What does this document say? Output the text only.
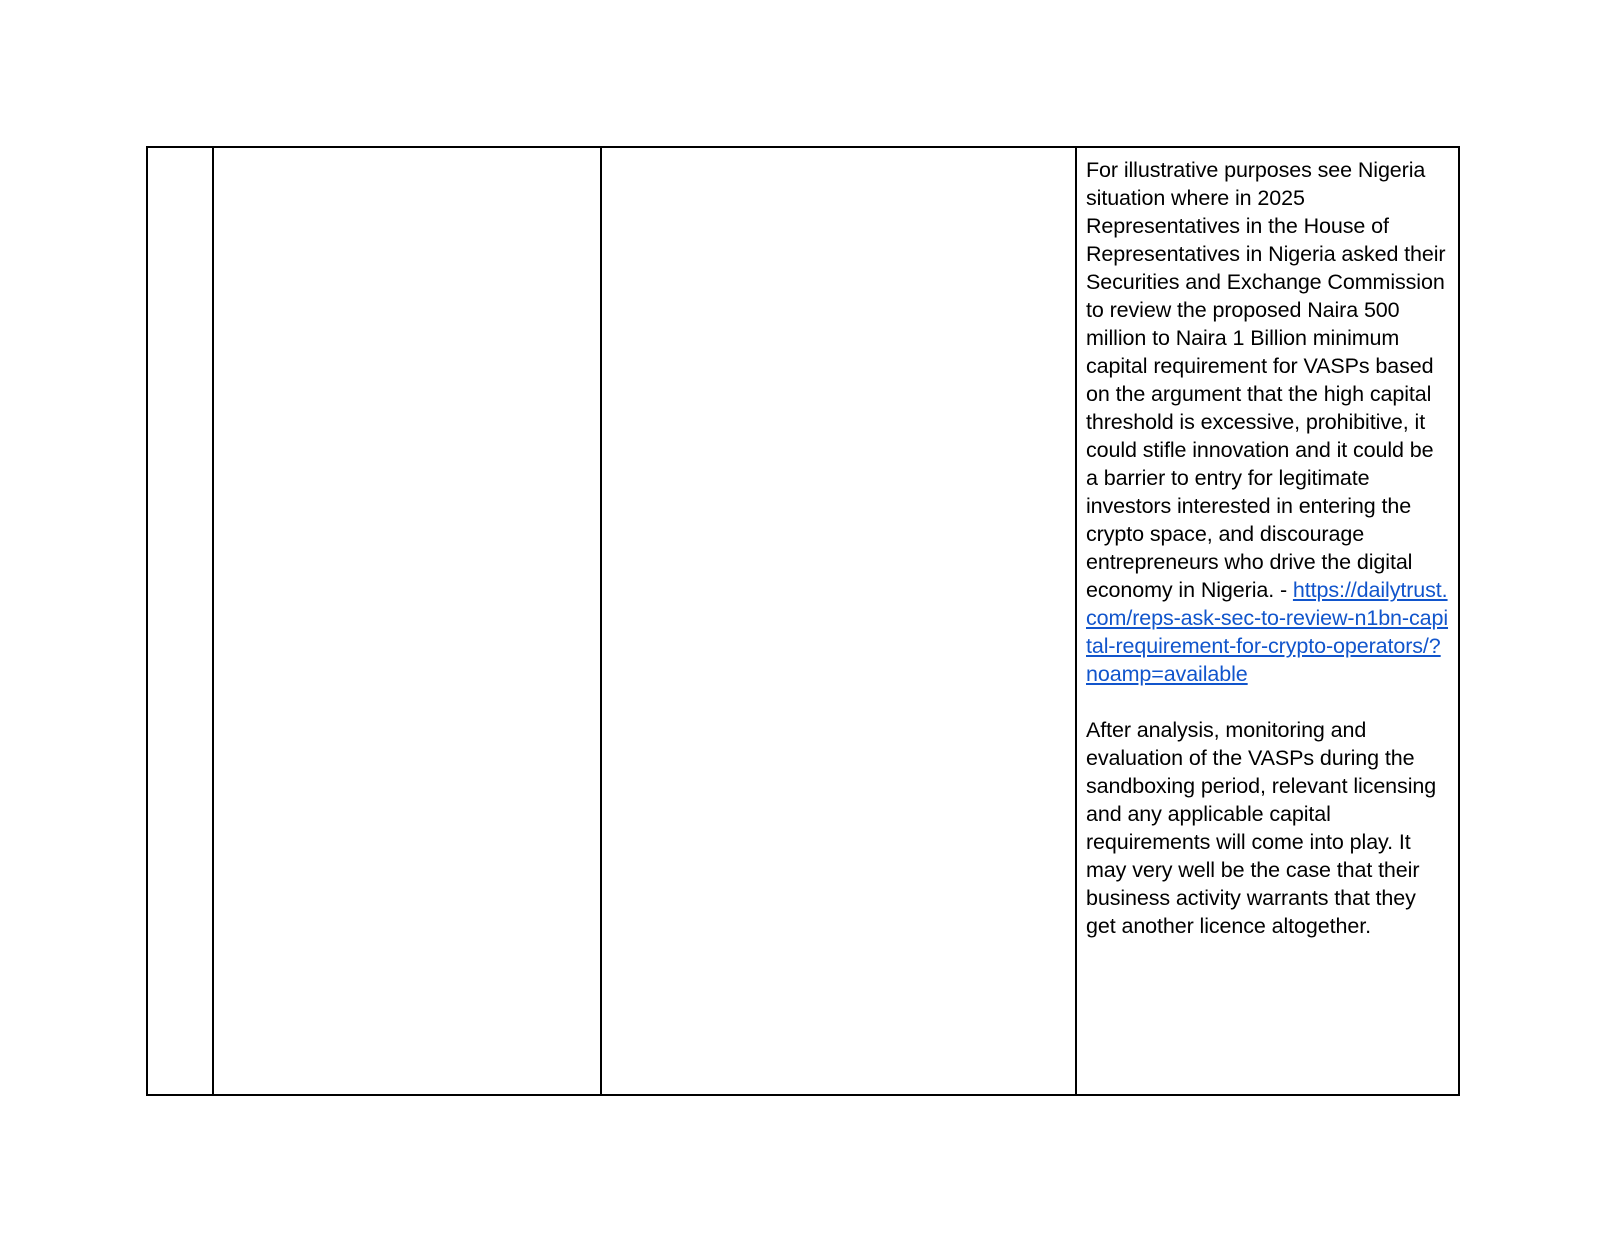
For illustrative purposes see Nigeria situation where in 2025 Representatives in the House of Representatives in Nigeria asked their Securities and Exchange Commission to review the proposed Naira 500 million to Naira 1 Billion minimum capital requirement for VASPs based on the argument that the high capital threshold is excessive, prohibitive, it could stifle innovation and it could be a barrier to entry for legitimate investors interested in entering the crypto space, and discourage entrepreneurs who drive the digital economy in Nigeria. - https://dailytrust.com/reps-ask-sec-to-review-n1bn-capital-requirement-for-crypto-operators/?noamp=available

After analysis, monitoring and evaluation of the VASPs during the sandboxing period, relevant licensing and any applicable capital requirements will come into play. It may very well be the case that their business activity warrants that they get another licence altogether.
